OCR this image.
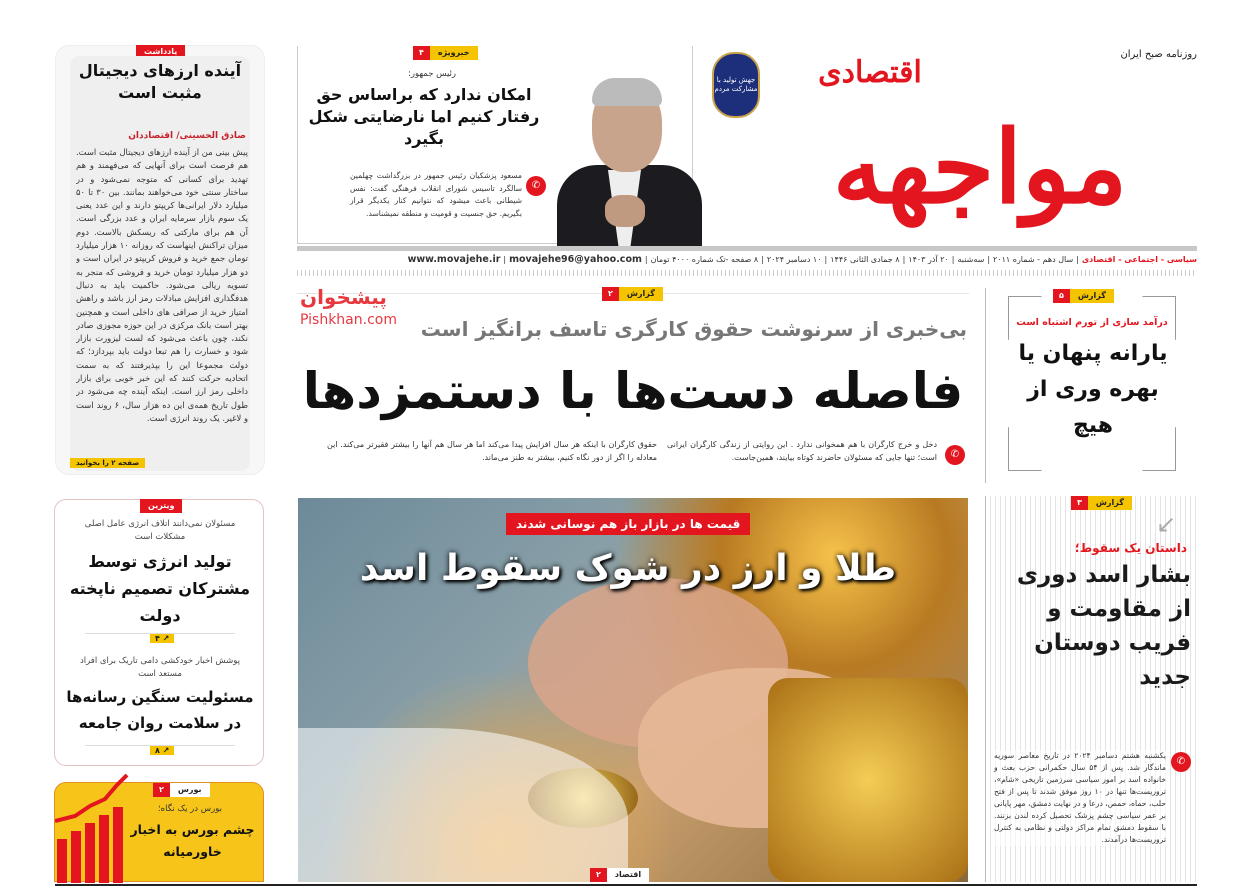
یادداشت
آینده ارزهای دیجیتال مثبت است
صادق الحسینی/ اقتصاددان
پیش بینی من از آینده ارزهای دیجیتال مثبت است. هم فرصت است برای آنهایی که می‌فهمند و هم تهدید برای کسانی که متوجه نمی‌شود و در ساختار سنتی خود می‌خواهند بمانند. بین ۳۰ تا ۵۰ میلیارد دلار ایرانی‌ها کریپتو دارند و این عدد یعنی یک سوم بازار سرمایه ایران و عدد بزرگی است. آن هم برای مارکتی که ریسکش بالاست. دوم میزان تراکنش اینهاست که روزانه ۱۰ هزار میلیارد تومان جمع خرید و فروش کریپتو در ایران است و دو هزار میلیارد تومان خرید و فروشی که منجر به تسویه ریالی می‌شود. حاکمیت باید به دنبال هدفگذاری افزایش مبادلات رمز ارز باشد و راهش امتیاز خرید از صرافی های داخلی است و همچنین بهتر است بانک مرکزی در این حوزه مجوزی صادر نکند، چون باعث می‌شود که لست لیزورت بازار شود و خسارت را هم تبعا دولت باید بپردازد؛ که دولت مجموعا این را بپذیرفتند که به سمت اتحادیه حرکت کنند که این خبر خوبی برای بازار داخلی رمز ارز است. اینکه آینده چه می‌شود در طول تاریخ همه‌ی این ده هزار سال، ۶ روند است و لاغیر. یک روند انرژی است.
صفحه ۲ را بخوانید
ویترین
مسئولان نمی‌دانند اتلاف انرژی عامل اصلی مشکلات است
تولید انرژی توسط مشترکان تصمیم ناپخته دولت
۴ ↗
پوشش اخبار خودکشی دامی تاریک برای افراد مستعد است
مسئولیت سنگین رسانه‌ها در سلامت روان جامعه
۸ ↗
بورس
۲
بورس در یک نگاه؛
چشم بورس به اخبار خاورمیانه
خبرویژه
۴
رئیس جمهور:
امکان ندارد که براساس حق رفتار کنیم اما نارضایتی شکل بگیرد
✆
مسعود پزشکیان رئیس جمهور در بزرگداشت چهلمین سالگرد تاسیس شورای انقلاب فرهنگی گفت: نفس شیطانی باعث میشود که نتوانیم کنار یکدیگر قرار بگیریم. حق جنسیت و قومیت و منطقه نمیشناسد.
روزنامه صبح ایران
جهش تولید با مشارکت مردم	اقتصادی
مواجهه
سیاسی - اجتماعی - اقتصادی
|
سال دهم - شماره ۲۰۱۱
|
سه‌شنبه
|
۲۰ آذر ۱۴۰۳
|
۸ جمادی الثانی ۱۴۴۶
|
۱۰ دسامبر ۲۰۲۴
|
۸ صفحه -تک شماره ۴۰۰۰ تومان
|
movajehe96@yahoo.com
|
www.movajehe.ir
گزارش
۲
بی‌خبری از سرنوشت حقوق کارگری تاسف برانگیز است
فاصله دست‌ها با دستمزدها
✆
دخل و خرج کارگران با هم همخوانی ندارد . این روایتی از زندگی کارگران ایرانی است؛ تنها جایی که مسئولان حاضرند کوتاه بیایند، همین‌جاست.
حقوق کارگران با اینکه هر سال افزایش پیدا می‌کند اما هر سال هم آنها را بیشتر فقیرتر می‌کند. این معادله را اگر از دور نگاه کنیم، بیشتر به طنز می‌ماند.
پیشخوان
Pishkhan.com
قیمت ها در بازار باز هم نوسانی شدند
طلا و ارز در شوک سقوط اسد
اقتصاد
۲
گزارش
۵
درآمد سازی از تورم اشتباه است
یارانه پنهان یا بهره وری از هیچ
گزارش
۳
↙
داستان یک سقوط؛
بشار اسد دوری از مقاومت و فریب دوستان جدید
✆
یکشنبه هشتم دسامبر ۲۰۲۴ در تاریخ معاصر سوریه ماندگار شد. پس از ۵۴ سال حکمرانی حزب بعث و خانواده اسد بر امور سیاسی سرزمین تاریخی «شام»، تروریست‌ها تنها در ۱۰ روز موفق شدند تا پس از فتح حلب، حماه، حمص، درعا و در نهایت دمشق، مهر پایانی بر عمر سیاسی چشم پزشک تحصیل کرده لندن بزنند. با سقوط دمشق تمام مراکز دولتی و نظامی به کنترل تروریست‌ها درآمدند.
